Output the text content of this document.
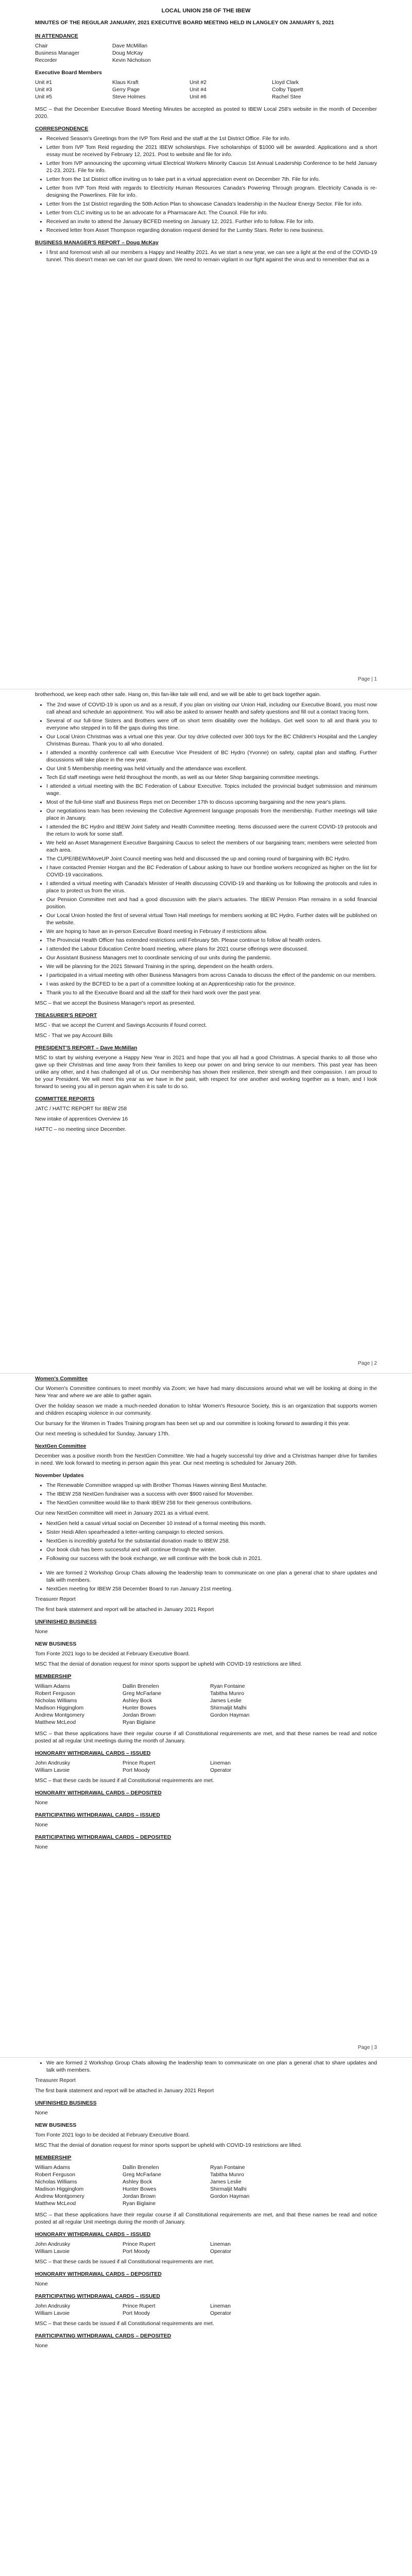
LOCAL UNION 258 OF THE IBEW

MINUTES OF THE REGULAR JANUARY, 2021 EXECUTIVE BOARD MEETING HELD IN LANGLEY ON JANUARY 5, 2021

IN ATTENDANCE
Chair	Dave McMillan
Business Manager	Doug McKay
Recorder	Kevin Nicholson
Executive Board Members
Unit #1	Klaus Kraft	Unit #2	Lloyd Clark
Unit #3	Gerry Page	Unit #4	Colby Tippett
Unit #5	Steve Holmes	Unit #6	Rachel Stee

MSC – that the December Executive Board Meeting Minutes be accepted as posted to IBEW Local 258's website in the month of December 2020.

CORRESPONDENCE
• Received Season's Greetings from the IVP Tom Reid and the staff at the 1st District Office. File for info.
• Letter from IVP Tom Reid regarding the 2021 IBEW scholarships. Five scholarships of $1000 will be awarded. Applications and a short essay must be received by February 12, 2021. Post to website and file for info.
• Letter from IVP announcing the upcoming virtual Electrical Workers Minority Caucus 1st Annual Leadership Conference to be held January 21-23, 2021. File for info.
• Letter from the 1st District office inviting us to take part in a virtual appreciation event on December 7th. File for info.
• Letter from IVP Tom Reid with regards to Electricity Human Resources Canada's Powering Through program. Electricity Canada is re-designing the Powerlines. File for info.
• Letter from the 1st District regarding the 50th Action Plan to showcase Canada's leadership in the Nuclear Energy Sector. File for info.
• Letter from CLC inviting us to be an advocate for a Pharmacare Act. The Council. File for info.
• Received an invite to attend the January BCFED meeting on January 12, 2021. Further info to follow. File for info.
• Received letter from Asset Thompson regarding donation request denied for the Lumby Stars. Refer to new business.
BUSINESS MANAGER'S REPORT – Doug McKay
• I first and foremost wish all our members a Happy and Healthy 2021. As we start a new year, we can see a light at the end of the COVID-19 tunnel. This doesn't mean we can let our guard down. We need to remain vigilant in our fight against the virus and to remember that as a
Page | 1

brotherhood, we keep each other safe. Hang on, this fan-like tale will end, and we will be able to get back together again.

• The 2nd wave of COVID-19 is upon us and as a result, if you plan on visiting our Union Hall, including our Executive Board, you must now call ahead and schedule an appointment. You will also be asked to answer health and safety questions and fill out a contact tracing form.
• Several of our full-time Sisters and Brothers were off on short term disability over the holidays. Get well soon to all and thank you to everyone who stepped in to fill the gaps during this time.
• Our Local Union Christmas was a virtual one this year. Our toy drive collected over 300 toys for the BC Children's Hospital and the Langley Christmas Bureau. Thank you to all who donated.
• I attended a monthly conference call with Executive Vice President of BC Hydro (Yvonne) on safety, capital plan and staffing. Further discussions will take place in the new year.
• Our Unit 5 Membership meeting was held virtually and the attendance was excellent.
• Tech Ed staff meetings were held throughout the month, as well as our Meter Shop bargaining committee meetings.
• I attended a virtual meeting with the BC Federation of Labour Executive. Topics included the provincial budget submission and minimum wage.
• Most of the full-time staff and Business Reps met on December 17th to discuss upcoming bargaining and the new year's plans.
• Our negotiations team has been reviewing the Collective Agreement language proposals from the membership. Further meetings will take place in January.
• I attended the BC Hydro and IBEW Joint Safety and Health Committee meeting. Items discussed were the current COVID-19 protocols and the return to work for some staff.
• We held an Asset Management Executive Bargaining Caucus to select the members of our bargaining team; members were selected from each area.
• The CUPE/IBEW/MoveUP Joint Council meeting was held and discussed the up and coming round of bargaining with BC Hydro.
• I have contacted Premier Horgan and the BC Federation of Labour asking to have our frontline workers recognized as higher on the list for COVID-19 vaccinations.
• I attended a virtual meeting with Canada's Minister of Health discussing COVID-19 and thanking us for following the protocols and rules in place to protect us from the virus.
• Our Pension Committee met and had a good discussion with the plan's actuaries. The IBEW Pension Plan remains in a solid financial position.
• Our Local Union hosted the first of several virtual Town Hall meetings for members working at BC Hydro. Further dates will be published on the website.
• We are hoping to have an in-person Executive Board meeting in February if restrictions allow.
• The Provincial Health Officer has extended restrictions until February 5th. Please continue to follow all health orders.
• I attended the Labour Education Centre board meeting, where plans for 2021 course offerings were discussed.
• Our Assistant Business Managers met to coordinate servicing of our units during the pandemic.
• We will be planning for the 2021 Steward Training in the spring, dependent on the health orders.
• I participated in a virtual meeting with other Business Managers from across Canada to discuss the effect of the pandemic on our members.
• I was asked by the BCFED to be a part of a committee looking at an Apprenticeship ratio for the province.
• Thank you to all the Executive Board and all the staff for their hard work over the past year.

MSC – that we accept the Business Manager's report as presented.

TREASURER'S REPORT

MSC - that we accept the Current and Savings Accounts if found correct.

MSC - That we pay Account Bills

PRESIDENT'S REPORT – Dave McMillan

MSC to start by wishing everyone a Happy New Year in 2021 and hope that you all had a good Christmas. A special thanks to all those who gave up their Christmas and time away from their families to keep our power on and bring service to our members. This past year has been unlike any other, and it has challenged all of us. Our membership has shown their resilience, their strength and their compassion. I am proud to be your President. We will meet this year as we have in the past, with respect for one another and working together as a team, and I look forward to seeing you all in person again when it is safe to do so.

COMMITTEE REPORTS

JATC / HATTC REPORT for IBEW 258

New intake of apprentices Overview 16

HATTC – no meeting since December.

Page | 2
Women's Committee

Our Women's Committee continues to meet monthly via Zoom; we have had many discussions around what we will be looking at doing in the New Year and where we are able to gather again.

Over the holiday season we made a much-needed donation to Ishtar Women's Resource Society, this is an organization that supports women and children escaping violence in our community.

Our bursary for the Women in Trades Training program has been set up and our committee is looking forward to awarding it this year.

Our next meeting is scheduled for Sunday, January 17th.

NextGen Committee

December was a positive month from the NextGen Committee. We had a hugely successful toy drive and a Christmas hamper drive for families in need. We look forward to meeting in person again this year. Our next meeting is scheduled for January 26th.

November Updates
• The Renewable Committee wrapped up with Brother Thomas Hawes winning Best Mustache.
• The IBEW 258 NextGen fundraiser was a success with over $900 raised for Movember.
• The NextGen committee would like to thank IBEW 258 for their generous contributions.

Our new NextGen committee will meet in January 2021 as a virtual event.

• NextGen held a casual virtual social on December 10 instead of a formal meeting this month.
• Sister Heidi Allen spearheaded a letter-writing campaign to elected seniors.
• NextGen is incredibly grateful for the substantial donation made to IBEW 258.
• Our book club has been successful and will continue through the winter.
• Following our success with the book exchange, we will continue with the book club in 2021.
• We are formed 2 Workshop Group Chats allowing the leadership team to communicate on one plan a general chat to share updates and talk with members.
• NextGen meeting for IBEW 258 December Board to run January 21st meeting.

Treasurer Report

The first bank statement and report will be attached in January 2021 Report

UNFINISHED BUSINESS

None

NEW BUSINESS

Tom Fonte 2021 logo to be decided at February Executive Board.

MSC That the denial of donation request for minor sports support be upheld with COVID-19 restrictions are lifted.

MEMBERSHIP
William Adams	Dallin Brenelen	Ryan Fontaine
Robert Ferguson	Greg McFarlane	Tabitha Munro
Nicholas Williams	Ashley Bock	James Leslie
Madison Higginglom	Hunter Bowes	Shirmaljit Malhi
Andrew Montgomery	Jordan Brown	Gordon Hayman
Matthew McLeod	Ryan Biglaine

MSC – that these applications have their regular course if all Constitutional requirements are met, and that these names be read and notice posted at all regular Unit meetings during the month of January.

HONORARY WITHDRAWAL CARDS – ISSUED
John Andrusky	Prince Rupert	Lineman
William Lavoie	Port Moody	Operator

MSC – that these cards be issued if all Constitutional requirements are met.

HONORARY WITHDRAWAL CARDS – DEPOSITED

None

PARTICIPATING WITHDRAWAL CARDS – ISSUED

None

PARTICIPATING WITHDRAWAL CARDS – DEPOSITED

None

Page | 3
• We are formed 2 Workshop Group Chats allowing the leadership team to communicate on one plan a general chat to share updates and talk with members.

Treasurer Report

The first bank statement and report will be attached in January 2021 Report

UNFINISHED BUSINESS

None

NEW BUSINESS

Tom Fonte 2021 logo to be decided at February Executive Board.

MSC That the denial of donation request for minor sports support be upheld with COVID-19 restrictions are lifted.

MEMBERSHIP
William Adams	Dallin Brenelen	Ryan Fontaine
Robert Ferguson	Greg McFarlane	Tabitha Munro
Nicholas Williams	Ashley Bock	James Leslie
Madison Higginglom	Hunter Bowes	Shirmaljit Malhi
Andrew Montgomery	Jordan Brown	Gordon Hayman
Matthew McLeod	Ryan Biglaine

MSC – that these applications have their regular course if all Constitutional requirements are met, and that these names be read and notice posted at all regular Unit meetings during the month of January.

HONORARY WITHDRAWAL CARDS – ISSUED
John Andrusky	Prince Rupert	Lineman
William Lavoie	Port Moody	Operator

MSC – that these cards be issued if all Constitutional requirements are met.

HONORARY WITHDRAWAL CARDS – DEPOSITED

None

PARTICIPATING WITHDRAWAL CARDS – ISSUED
John Andrusky	Prince Rupert	Lineman
William Lavoie	Port Moody	Operator

MSC – that these cards be issued if all Constitutional requirements are met.

PARTICIPATING WITHDRAWAL CARDS – DEPOSITED

None
